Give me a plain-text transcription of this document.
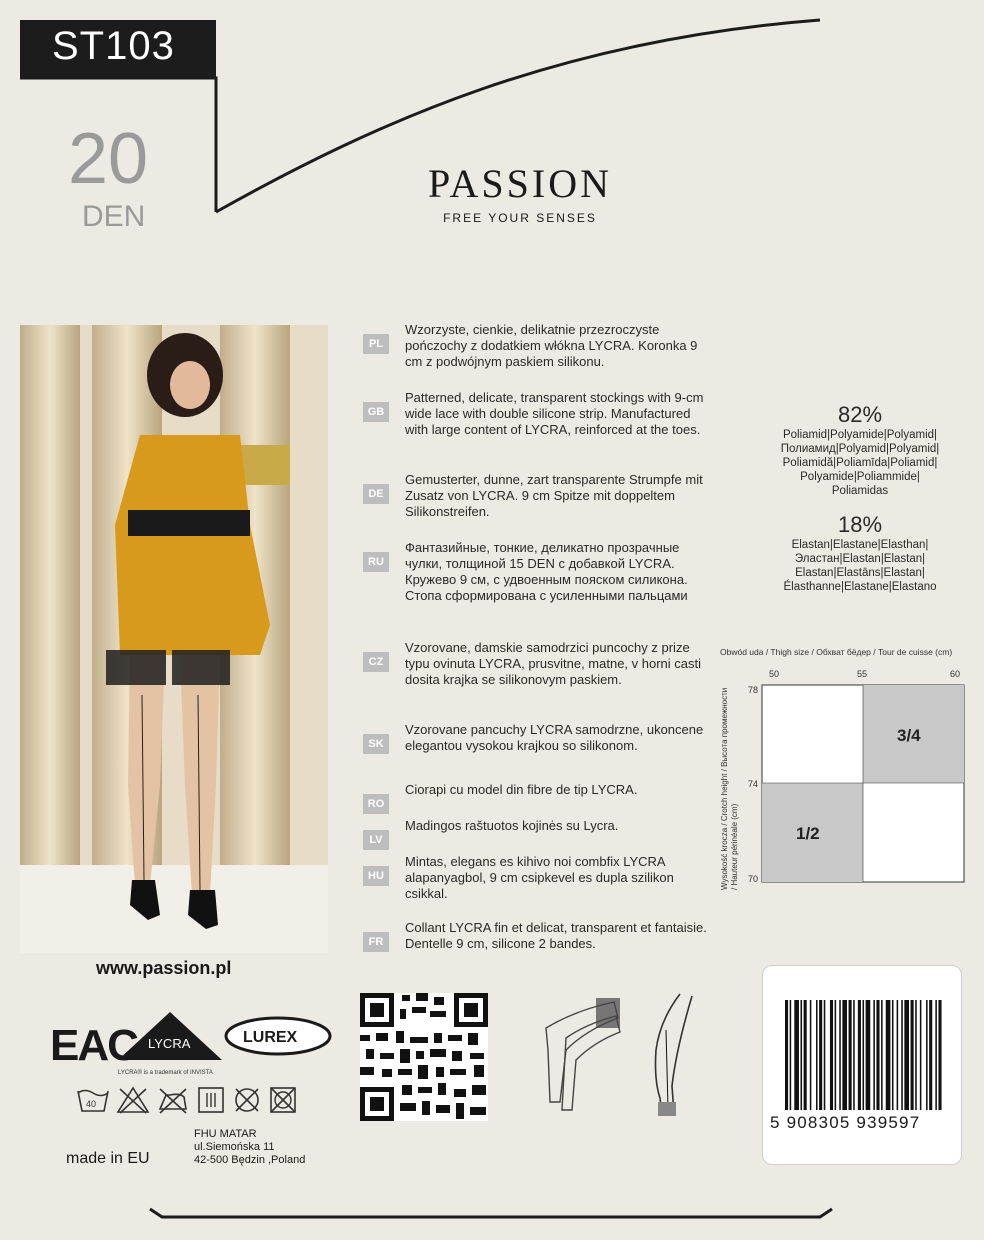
ST103
20
DEN
PASSION
FREE YOUR SENSES
www.passion.pl
PL
Wzorzyste, cienkie, delikatnie przezroczyste pończochy z dodatkiem włókna LYCRA. Koronka 9 cm z podwójnym paskiem silikonu.
GB
Patterned, delicate, transparent stockings with 9-cm wide lace with double silicone strip. Manufactured with large content of LYCRA, reinforced at the toes.
DE
Gemusterter, dunne, zart transparente Strumpfe mit Zusatz von LYCRA. 9 cm Spitze mit doppeltem Silikonstreifen.
RU
Фантазийные, тонкие, деликатно прозрачные чулки, толщиной 15 DEN с добавкой LYCRA. Кружево 9 см, с удвоенным пояском силикона. Стопа сформирована с усиленными пальцами
CZ
Vzorovane, damskie samodrzici puncochy z prize typu ovinuta LYCRA, prusvitne, matne, v horni casti dosita krajka se silikonovym paskiem.
SK
Vzorovane pancuchy LYCRA samodrzne, ukoncene elegantou vysokou krajkou so silikonom.
RO
Ciorapi cu model din fibre de tip LYCRA.
LV
Madingos raštuotos kojinės su Lycra.
HU
Mintas, elegans es kihivo noi combfix LYCRA alapanyagbol, 9 cm csipkevel es dupla szilikon csikkal.
FR
Collant LYCRA fin et delicat, transparent et fantaisie. Dentelle 9 cm, silicone 2 bandes.
82%
Poliamid|Polyamide|Polyamid|
Полиамид|Polyamid|Polyamid|
Poliamidă|Poliamīda|Poliamid|
Polyamide|Poliammide|
Poliamidas
18%
Elastan|Elastane|Elasthan|
Эластан|Elastan|Elastan|
Elastan|Elastāns|Elastan|
Élasthanne|Elastane|Elastano
Obwód uda / Thigh size / Обхват бёдер / Tour de cuisse (cm)
Wysokość krocza / Crotch height / Высота промежности / Hauteur périnéale (cm)
50	55	60
78
74
70
1/2
3/4
EAC LYCRA
LYCRA® is a trademark of INVISTA
LUREX
40
made in EU
FHU MATAR
ul.Siemońska 11
42-500 Będzin ,Poland
5 908305 939597
